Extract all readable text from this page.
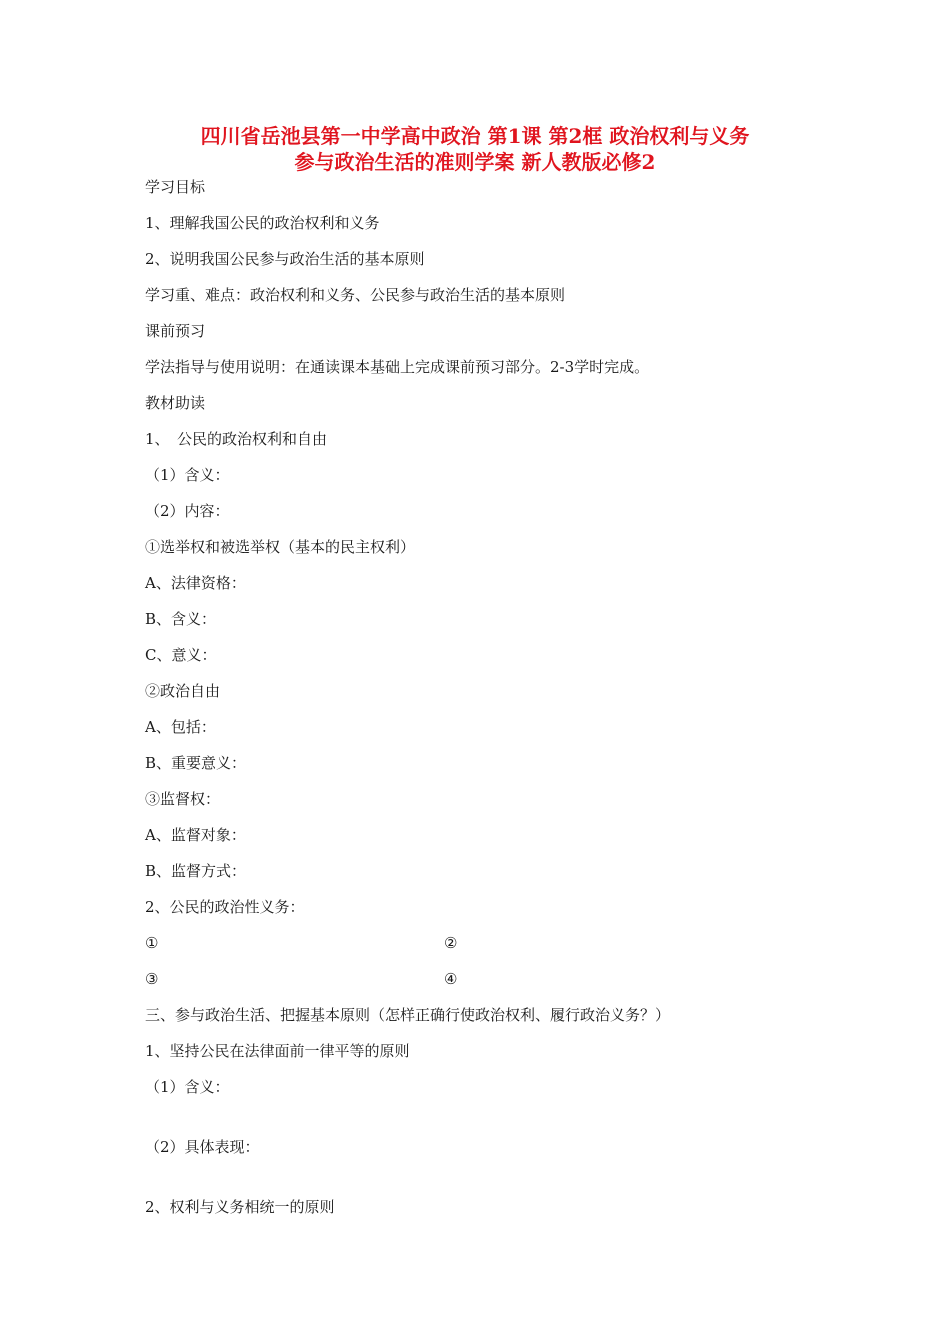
四川省岳池县第一中学高中政治 第1课 第2框 政治权利与义务
参与政治生活的准则学案 新人教版必修2
学习目标
1、理解我国公民的政治权利和义务
2、说明我国公民参与政治生活的基本原则
学习重、难点：政治权利和义务、公民参与政治生活的基本原则
课前预习
学法指导与使用说明：在通读课本基础上完成课前预习部分。2-3学时完成。
教材助读
1、　公民的政治权利和自由
（1）含义：
（2）内容：
①选举权和被选举权（基本的民主权利）
A、法律资格：
B、含义：
C、意义：
②政治自由
A、包括：
B、重要意义：
③监督权：
A、监督对象：
B、监督方式：
2、公民的政治性义务：
①	②
③	④
三、参与政治生活、把握基本原则（怎样正确行使政治权利、履行政治义务？）
1、坚持公民在法律面前一律平等的原则
（1）含义：
（2）具体表现：
2、权利与义务相统一的原则
